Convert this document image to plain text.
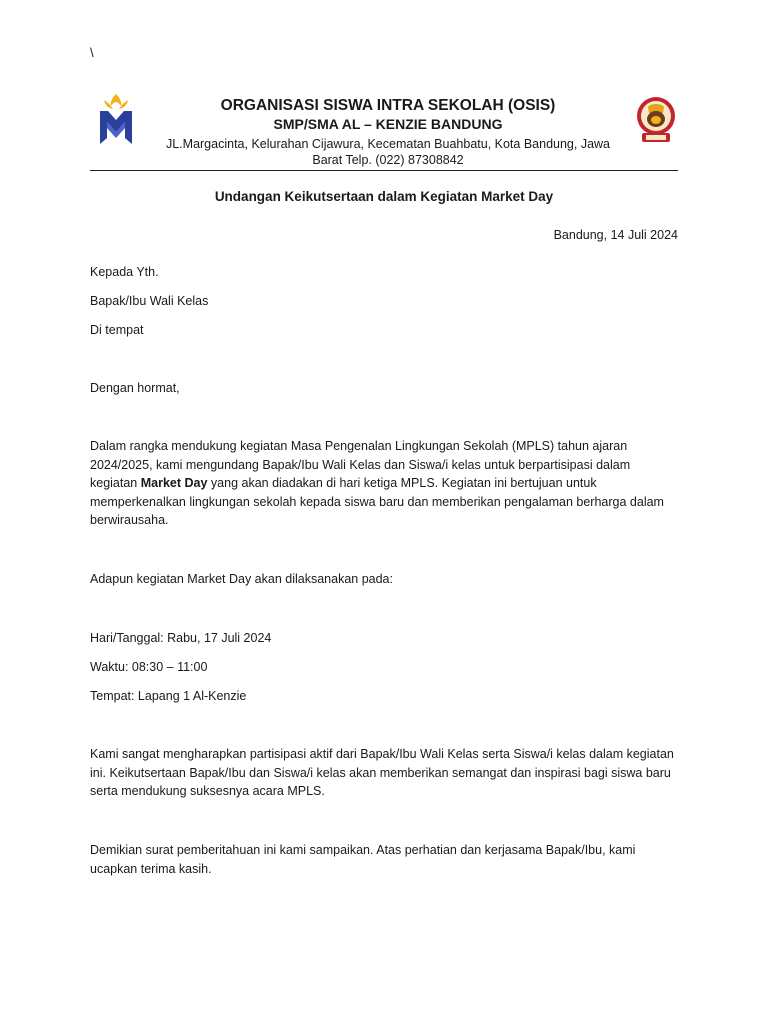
\
ORGANISASI SISWA INTRA SEKOLAH (OSIS)
SMP/SMA AL – KENZIE BANDUNG
JL.Margacinta, Kelurahan Cijawura, Kecematan Buahbatu, Kota Bandung, Jawa Barat Telp. (022) 87308842
Undangan Keikutsertaan dalam Kegiatan Market Day
Bandung, 14 Juli 2024
Kepada Yth.
Bapak/Ibu Wali Kelas
Di tempat
Dengan hormat,
Dalam rangka mendukung kegiatan Masa Pengenalan Lingkungan Sekolah (MPLS) tahun ajaran 2024/2025, kami mengundang Bapak/Ibu Wali Kelas dan Siswa/i kelas untuk berpartisipasi dalam kegiatan Market Day yang akan diadakan di hari ketiga MPLS. Kegiatan ini bertujuan untuk memperkenalkan lingkungan sekolah kepada siswa baru dan memberikan pengalaman berharga dalam berwirausaha.
Adapun kegiatan Market Day akan dilaksanakan pada:
Hari/Tanggal: Rabu, 17 Juli 2024
Waktu: 08:30 – 11:00
Tempat: Lapang 1 Al-Kenzie
Kami sangat mengharapkan partisipasi aktif dari Bapak/Ibu Wali Kelas serta Siswa/i kelas dalam kegiatan ini. Keikutsertaan Bapak/Ibu dan Siswa/i kelas akan memberikan semangat dan inspirasi bagi siswa baru serta mendukung suksesnya acara MPLS.
Demikian surat pemberitahuan ini kami sampaikan. Atas perhatian dan kerjasama Bapak/Ibu, kami ucapkan terima kasih.
